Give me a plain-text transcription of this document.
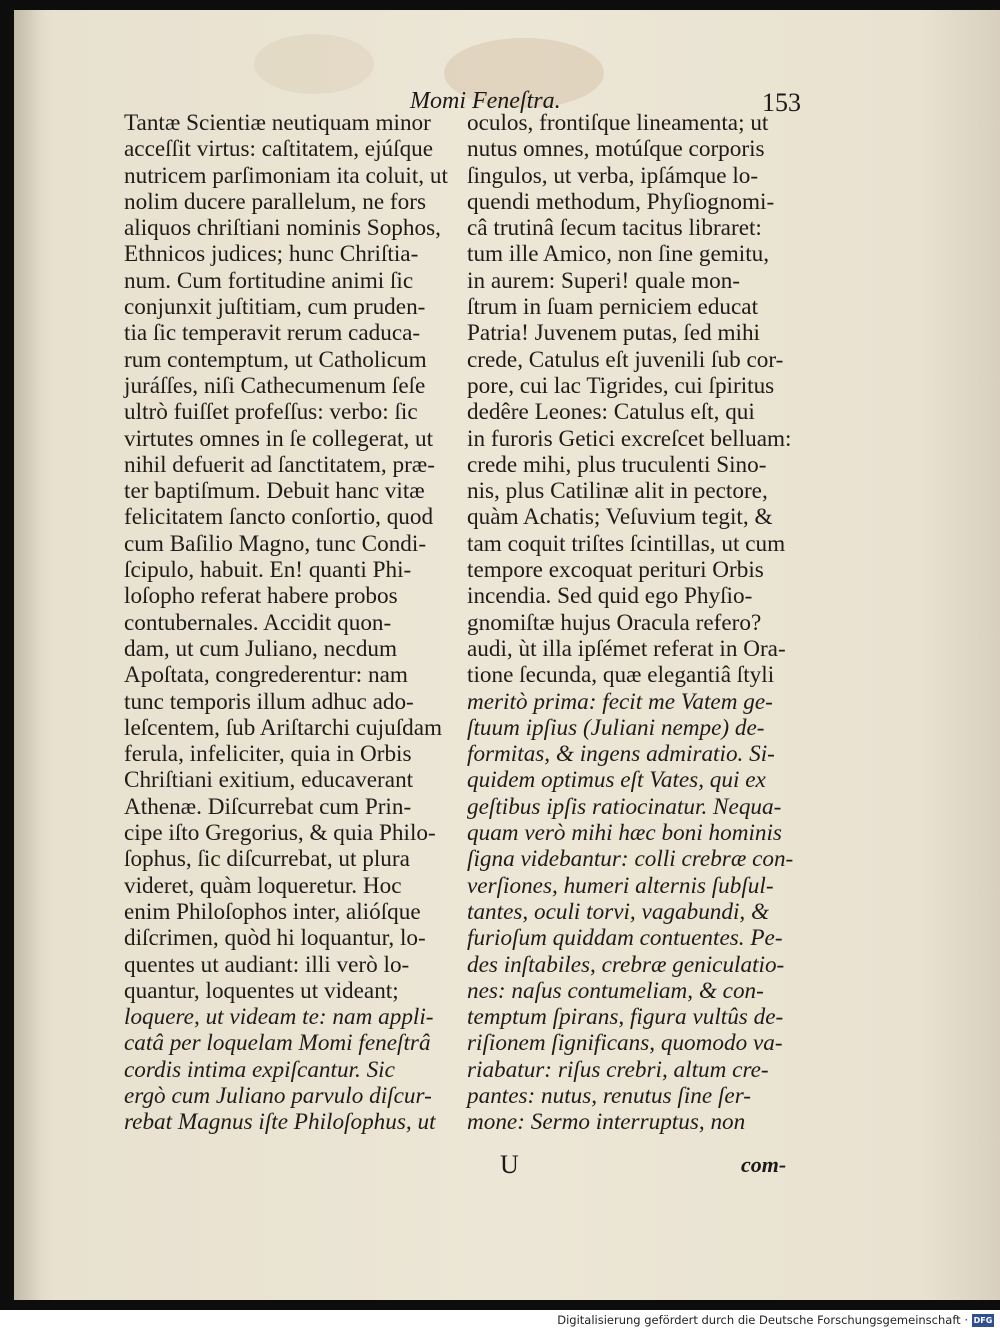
Momi Feneſtra.	153
Tantæ Scientiæ neutiquam minor
acceſſit virtus: caſtitatem, ejúſque
nutricem parſimoniam ita coluit, ut
nolim ducere parallelum, ne fors
aliquos chriſtiani nominis Sophos,
Ethnicos judices; hunc Chriſtia-
num. Cum fortitudine animi ſic
conjunxit juſtitiam, cum pruden-
tia ſic temperavit rerum caduca-
rum contemptum, ut Catholicum
juráſſes, niſi Cathecumenum ſeſe
ultrò fuiſſet profeſſus: verbo: ſic
virtutes omnes in ſe collegerat, ut
nihil defuerit ad ſanctitatem, præ-
ter baptiſmum. Debuit hanc vitæ
felicitatem ſancto conſortio, quod
cum Baſilio Magno, tunc Condi-
ſcipulo, habuit. En! quanti Phi-
loſopho referat habere probos
contubernales. Accidit quon-
dam, ut cum Juliano, necdum
Apoſtata, congrederentur: nam
tunc temporis illum adhuc ado-
leſcentem, ſub Ariſtarchi cujuſdam
ferula, infeliciter, quia in Orbis
Chriſtiani exitium, educaverant
Athenæ. Diſcurrebat cum Prin-
cipe iſto Gregorius, & quia Philo-
ſophus, ſic diſcurrebat, ut plura
videret, quàm loqueretur. Hoc
enim Philoſophos inter, alióſque
diſcrimen, quòd hi loquantur, lo-
quentes ut audiant: illi verò lo-
quantur, loquentes ut videant;
loquere, ut videam te: nam appli-
catâ per loquelam Momi feneſtrâ
cordis intima expiſcantur. Sic
ergò cum Juliano parvulo diſcur-
rebat Magnus iſte Philoſophus, ut
oculos, frontiſque lineamenta; ut
nutus omnes, motúſque corporis
ſingulos, ut verba, ipſámque lo-
quendi methodum, Phyſiognomi-
câ trutinâ ſecum tacitus libraret:
tum ille Amico, non ſine gemitu,
in aurem: Superi! quale mon-
ſtrum in ſuam perniciem educat
Patria! Juvenem putas, ſed mihi
crede, Catulus eſt juvenili ſub cor-
pore, cui lac Tigrides, cui ſpiritus
dedêre Leones: Catulus eſt, qui
in furoris Getici excreſcet belluam:
crede mihi, plus truculenti Sino-
nis, plus Catilinæ alit in pectore,
quàm Achatis; Veſuvium tegit, &
tam coquit triſtes ſcintillas, ut cum
tempore excoquat perituri Orbis
incendia. Sed quid ego Phyſio-
gnomiſtæ hujus Oracula refero?
audi, ùt illa ipſémet referat in Ora-
tione ſecunda, quæ elegantiâ ſtyli
meritò prima: fecit me Vatem ge-
ſtuum ipſius (Juliani nempe) de-
formitas, & ingens admiratio. Si-
quidem optimus eſt Vates, qui ex
geſtibus ipſis ratiocinatur. Nequa-
quam verò mihi hæc boni hominis
ſigna videbantur: colli crebræ con-
verſiones, humeri alternis ſubſul-
tantes, oculi torvi, vagabundi, &
furioſum quiddam contuentes. Pe-
des inſtabiles, crebræ geniculatio-
nes: naſus contumeliam, & con-
temptum ſpirans, figura vultûs de-
riſionem ſignificans, quomodo va-
riabatur: riſus crebri, altum cre-
pantes: nutus, renutus ſine ſer-
mone: Sermo interruptus, non
U	com-
Digitalisierung gefördert durch die Deutsche Forschungsgemeinschaft · DFG
